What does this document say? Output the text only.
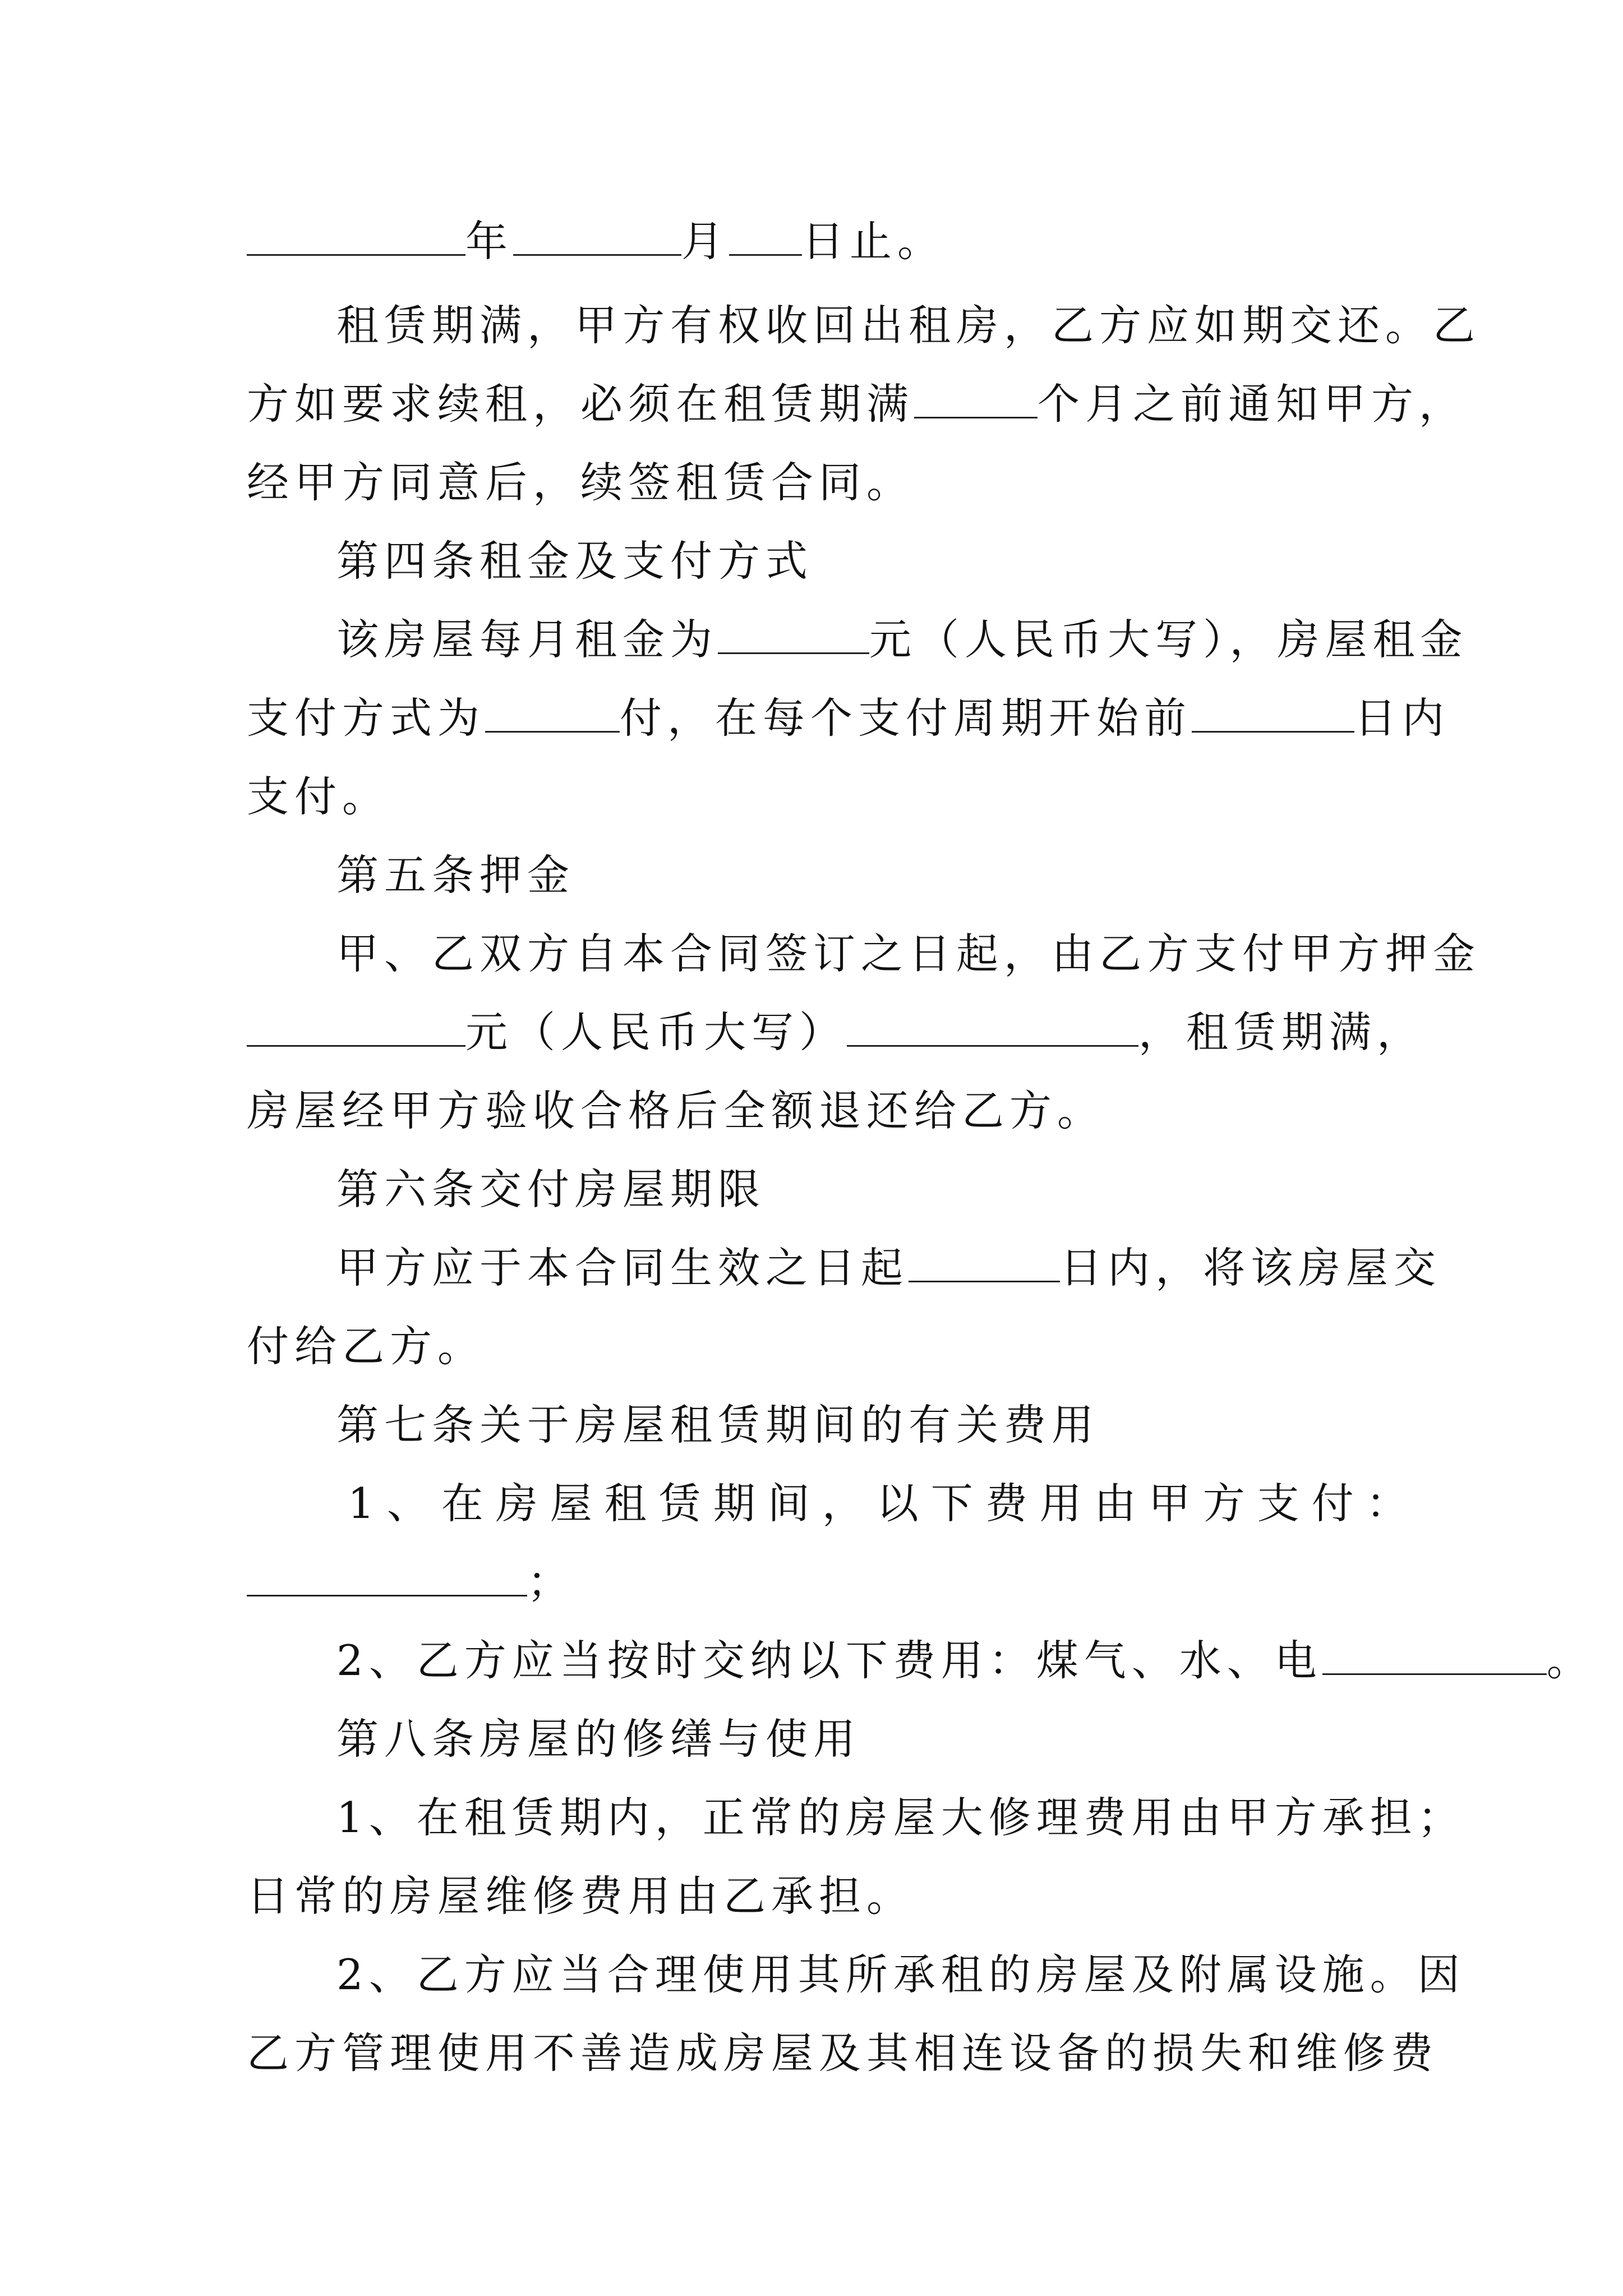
年	月 日止。
租赁期满，甲方有权收回出租房，乙方应如期交还。乙
方如要求续租，必须在租赁期满	个月之前通知甲方，
经甲方同意后，续签租赁合同。
第四条租金及支付方式
该房屋每月租金为	元（人民币大写），房屋租金
支付方式为	付，在每个支付周期开始前	日内
支付。
第五条押金
甲、乙双方自本合同签订之日起，由乙方支付甲方押金
元（人民币大写）	，租赁期满，
房屋经甲方验收合格后全额退还给乙方。
第六条交付房屋期限
甲方应于本合同生效之日起	日内，将该房屋交
付给乙方。
第七条关于房屋租赁期间的有关费用
1、在房屋租赁期间，以下费用由甲方支付：
；
2、乙方应当按时交纳以下费用：煤气、水、电	。
第八条房屋的修缮与使用
1、在租赁期内，正常的房屋大修理费用由甲方承担；
日常的房屋维修费用由乙承担。
2、乙方应当合理使用其所承租的房屋及附属设施。因
乙方管理使用不善造成房屋及其相连设备的损失和维修费
